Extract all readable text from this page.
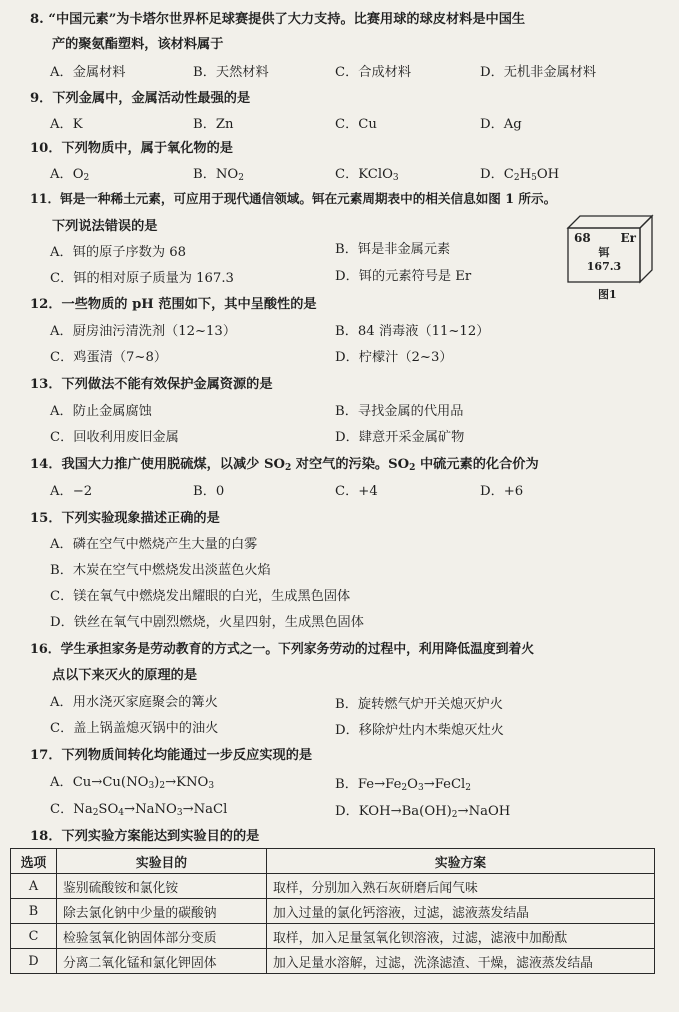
8. “中国元素”为卡塔尔世界杯足球赛提供了大力支持。比赛用球的球皮材料是中国生
产的聚氨酯塑料，该材料属于
A．金属材料	B．天然材料	C．合成材料	D．无机非金属材料
9．下列金属中，金属活动性最强的是
A．K	B．Zn	C．Cu	D．Ag
10．下列物质中，属于氧化物的是
A．$O_2$	B．$NO_2$	C．KClO$_3$	D．$C_2H_5OH$
11．铒是一种稀土元素，可应用于现代通信领域。铒在元素周期表中的相关信息如图 1 所示。
下列说法错误的是
A．铒的原子序数为 68	B．铒是非金属元素
C．铒的相对原子质量为 167.3	D．铒的元素符号是 Er
68	Er
铒
167.3
图1
12．一些物质的 pH 范围如下，其中呈酸性的是
A．厨房油污清洗剂（12~13）	B．84 消毒液（11~12）
C．鸡蛋清（7~8）	D．柠檬汁（2~3）
13．下列做法不能有效保护金属资源的是
A．防止金属腐蚀	B．寻找金属的代用品
C．回收利用废旧金属	D．肆意开采金属矿物
14．我国大力推广使用脱硫煤，以减少 $SO_2$ 对空气的污染。$SO_2$ 中硫元素的化合价为
A．−2	B．0	C．+4	D．+6
15．下列实验现象描述正确的是
A．磷在空气中燃烧产生大量的白雾
B．木炭在空气中燃烧发出淡蓝色火焰
C．镁在氧气中燃烧发出耀眼的白光，生成黑色固体
D．铁丝在氧气中剧烈燃烧，火星四射，生成黑色固体
16．学生承担家务是劳动教育的方式之一。下列家务劳动的过程中，利用降低温度到着火
点以下来灭火的原理的是
A．用水浇灭家庭聚会的篝火	B．旋转燃气炉开关熄灭炉火
C．盖上锅盖熄灭锅中的油火	D．移除炉灶内木柴熄灭灶火
17．下列物质间转化均能通过一步反应实现的是
A．$Cu\to Cu(NO_3)_2\to KNO_3$	B．$Fe\to Fe_2O_3\to FeCl_2$
C．$Na_2SO_4\to NaNO_3\to NaCl$	D．$KOH\to Ba(OH)_2\to NaOH$
18．下列实验方案能达到实验目的的是
选项	实验目的	实验方案
A	鉴别硫酸铵和氯化铵	取样，分别加入熟石灰研磨后闻气味
B	除去氯化钠中少量的碳酸钠	加入过量的氯化钙溶液，过滤，滤液蒸发结晶
C	检验氢氧化钠固体部分变质	取样，加入足量氢氧化钡溶液，过滤，滤液中加酚酞
D	分离二氧化锰和氯化钾固体	加入足量水溶解，过滤，洗涤滤渣、干燥，滤液蒸发结晶
